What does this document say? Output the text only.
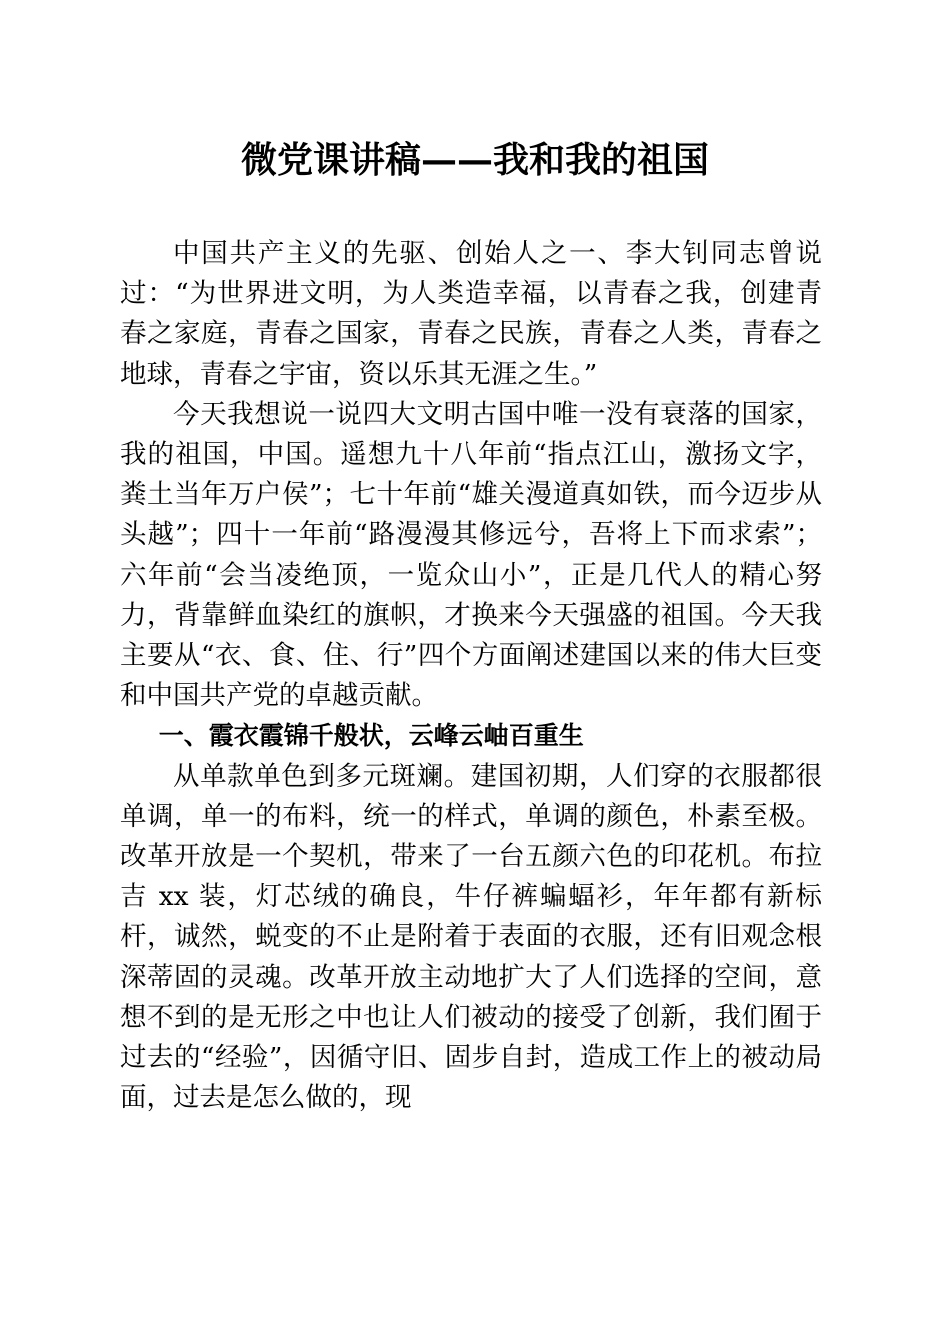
微党课讲稿——我和我的祖国

中国共产主义的先驱、创始人之一、李大钊同志曾说过：“为世界进文明，为人类造幸福，以青春之我，创建青春之家庭，青春之国家，青春之民族，青春之人类，青春之地球，青春之宇宙，资以乐其无涯之生。”

今天我想说一说四大文明古国中唯一没有衰落的国家，我的祖国，中国。遥想九十八年前“指点江山，激扬文字，粪土当年万户侯”；七十年前“雄关漫道真如铁，而今迈步从头越”；四十一年前“路漫漫其修远兮，吾将上下而求索”；六年前“会当凌绝顶，一览众山小”，正是几代人的精心努力，背靠鲜血染红的旗帜，才换来今天强盛的祖国。今天我主要从“衣、食、住、行”四个方面阐述建国以来的伟大巨变和中国共产党的卓越贡献。

一、霞衣霞锦千般状，云峰云岫百重生

从单款单色到多元斑斓。建国初期，人们穿的衣服都很单调，单一的布料，统一的样式，单调的颜色，朴素至极。改革开放是一个契机，带来了一台五颜六色的印花机。布拉吉 xx 装，灯芯绒的确良，牛仔裤蝙蝠衫，年年都有新标杆，诚然，蜕变的不止是附着于表面的衣服，还有旧观念根深蒂固的灵魂。改革开放主动地扩大了人们选择的空间，意想不到的是无形之中也让人们被动的接受了创新，我们囿于过去的“经验”，因循守旧、固步自封，造成工作上的被动局面，过去是怎么做的，现
